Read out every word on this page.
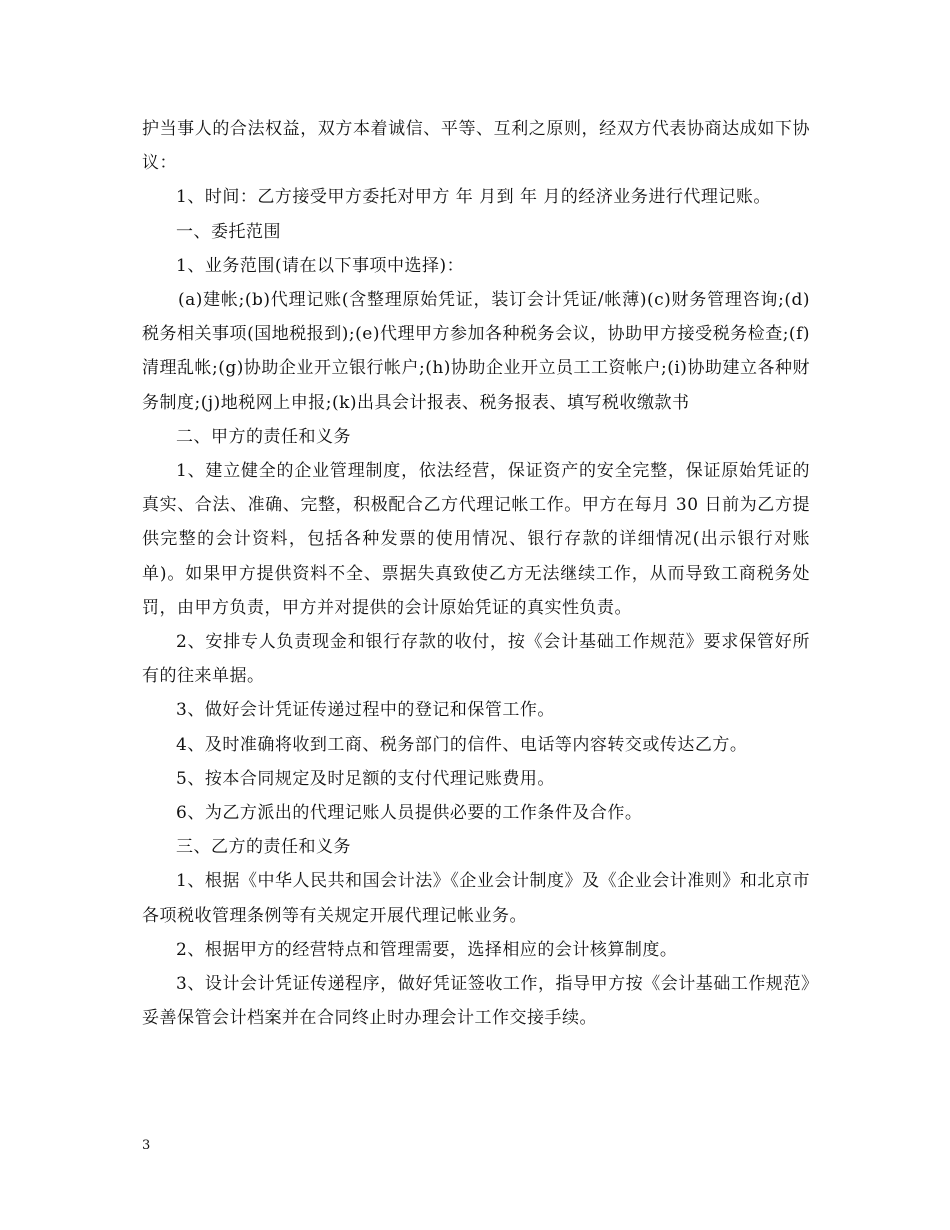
护当事人的合法权益，双方本着诚信、平等、互利之原则，经双方代表协商达成如下协议：

1、时间：乙方接受甲方委托对甲方 年 月到 年 月的经济业务进行代理记账。

一、委托范围

1、业务范围(请在以下事项中选择)：

(a)建帐;(b)代理记账(含整理原始凭证，装订会计凭证/帐薄)(c)财务管理咨询;(d)税务相关事项(国地税报到);(e)代理甲方参加各种税务会议，协助甲方接受税务检查;(f)清理乱帐;(g)协助企业开立银行帐户;(h)协助企业开立员工工资帐户;(i)协助建立各种财务制度;(j)地税网上申报;(k)出具会计报表、税务报表、填写税收缴款书

二、甲方的责任和义务

1、建立健全的企业管理制度，依法经营，保证资产的安全完整，保证原始凭证的真实、合法、准确、完整，积极配合乙方代理记帐工作。甲方在每月 30 日前为乙方提供完整的会计资料，包括各种发票的使用情况、银行存款的详细情况(出示银行对账单)。如果甲方提供资料不全、票据失真致使乙方无法继续工作，从而导致工商税务处罚，由甲方负责，甲方并对提供的会计原始凭证的真实性负责。

2、安排专人负责现金和银行存款的收付，按《会计基础工作规范》要求保管好所有的往来单据。

3、做好会计凭证传递过程中的登记和保管工作。

4、及时准确将收到工商、税务部门的信件、电话等内容转交或传达乙方。

5、按本合同规定及时足额的支付代理记账费用。

6、为乙方派出的代理记账人员提供必要的工作条件及合作。

三、乙方的责任和义务

1、根据《中华人民共和国会计法》《企业会计制度》及《企业会计准则》和北京市各项税收管理条例等有关规定开展代理记帐业务。

2、根据甲方的经营特点和管理需要，选择相应的会计核算制度。

3、设计会计凭证传递程序，做好凭证签收工作，指导甲方按《会计基础工作规范》妥善保管会计档案并在合同终止时办理会计工作交接手续。

3
